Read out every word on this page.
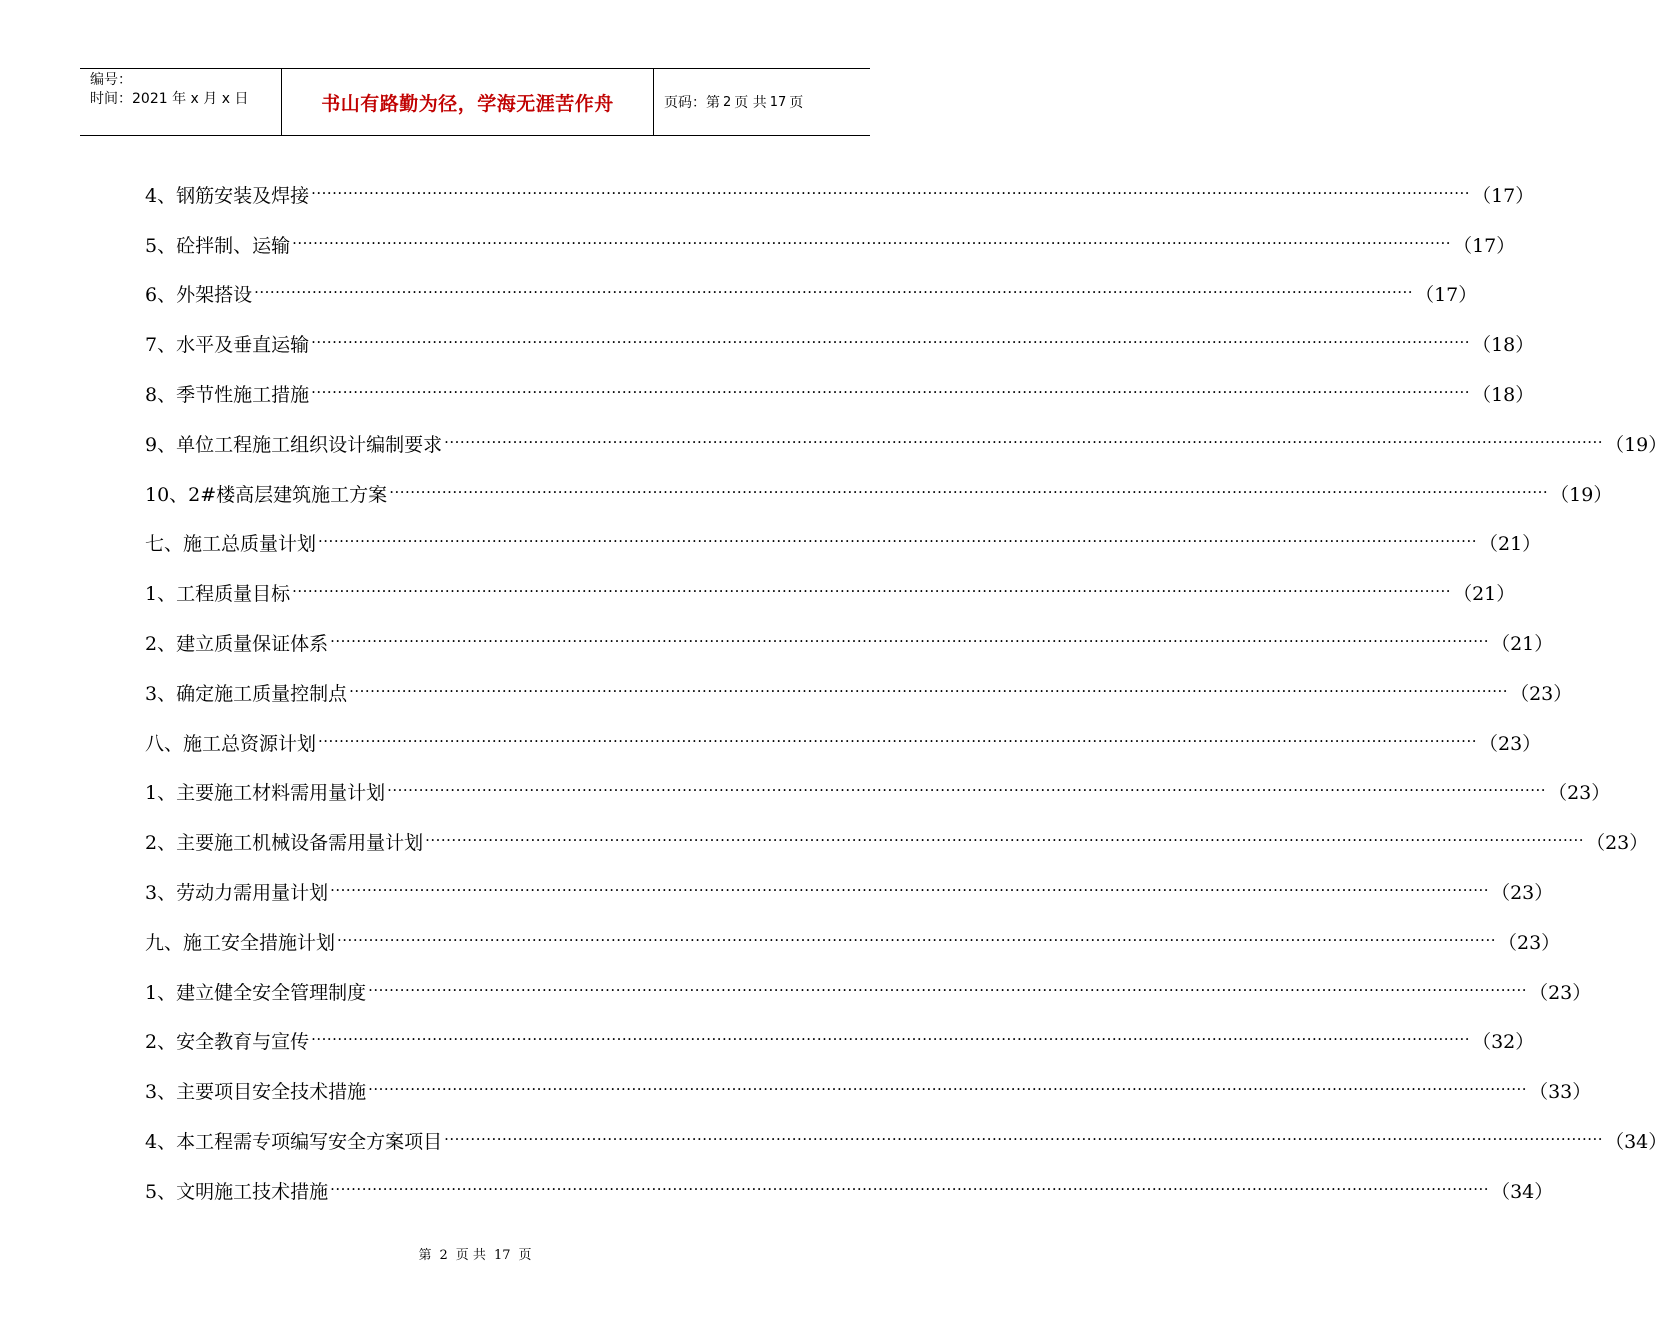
编号：
时间：2021 年 x 月 x 日	书山有路勤为径，学海无涯苦作舟	页码：第 2 页 共 17 页
4、钢筋安装及焊接 ···························································································································································································································· （17）
5、砼拌制、运输 ···························································································································································································································· （17）
6、外架搭设 ···························································································································································································································· （17）
7、水平及垂直运输 ···························································································································································································································· （18）
8、季节性施工措施 ···························································································································································································································· （18）
9、单位工程施工组织设计编制要求 ···························································································································································································································· （19）
10、2#楼高层建筑施工方案 ···························································································································································································································· （19）
七、施工总质量计划 ···························································································································································································································· （21）
1、工程质量目标 ···························································································································································································································· （21）
2、建立质量保证体系 ···························································································································································································································· （21）
3、确定施工质量控制点 ···························································································································································································································· （23）
八、施工总资源计划 ···························································································································································································································· （23）
1、主要施工材料需用量计划 ···························································································································································································································· （23）
2、主要施工机械设备需用量计划 ···························································································································································································································· （23）
3、劳动力需用量计划 ···························································································································································································································· （23）
九、施工安全措施计划 ···························································································································································································································· （23）
1、建立健全安全管理制度 ···························································································································································································································· （23）
2、安全教育与宣传 ···························································································································································································································· （32）
3、主要项目安全技术措施 ···························································································································································································································· （33）
4、本工程需专项编写安全方案项目 ···························································································································································································································· （34）
5、文明施工技术措施 ···························································································································································································································· （34）
第 2 页 共 17 页
